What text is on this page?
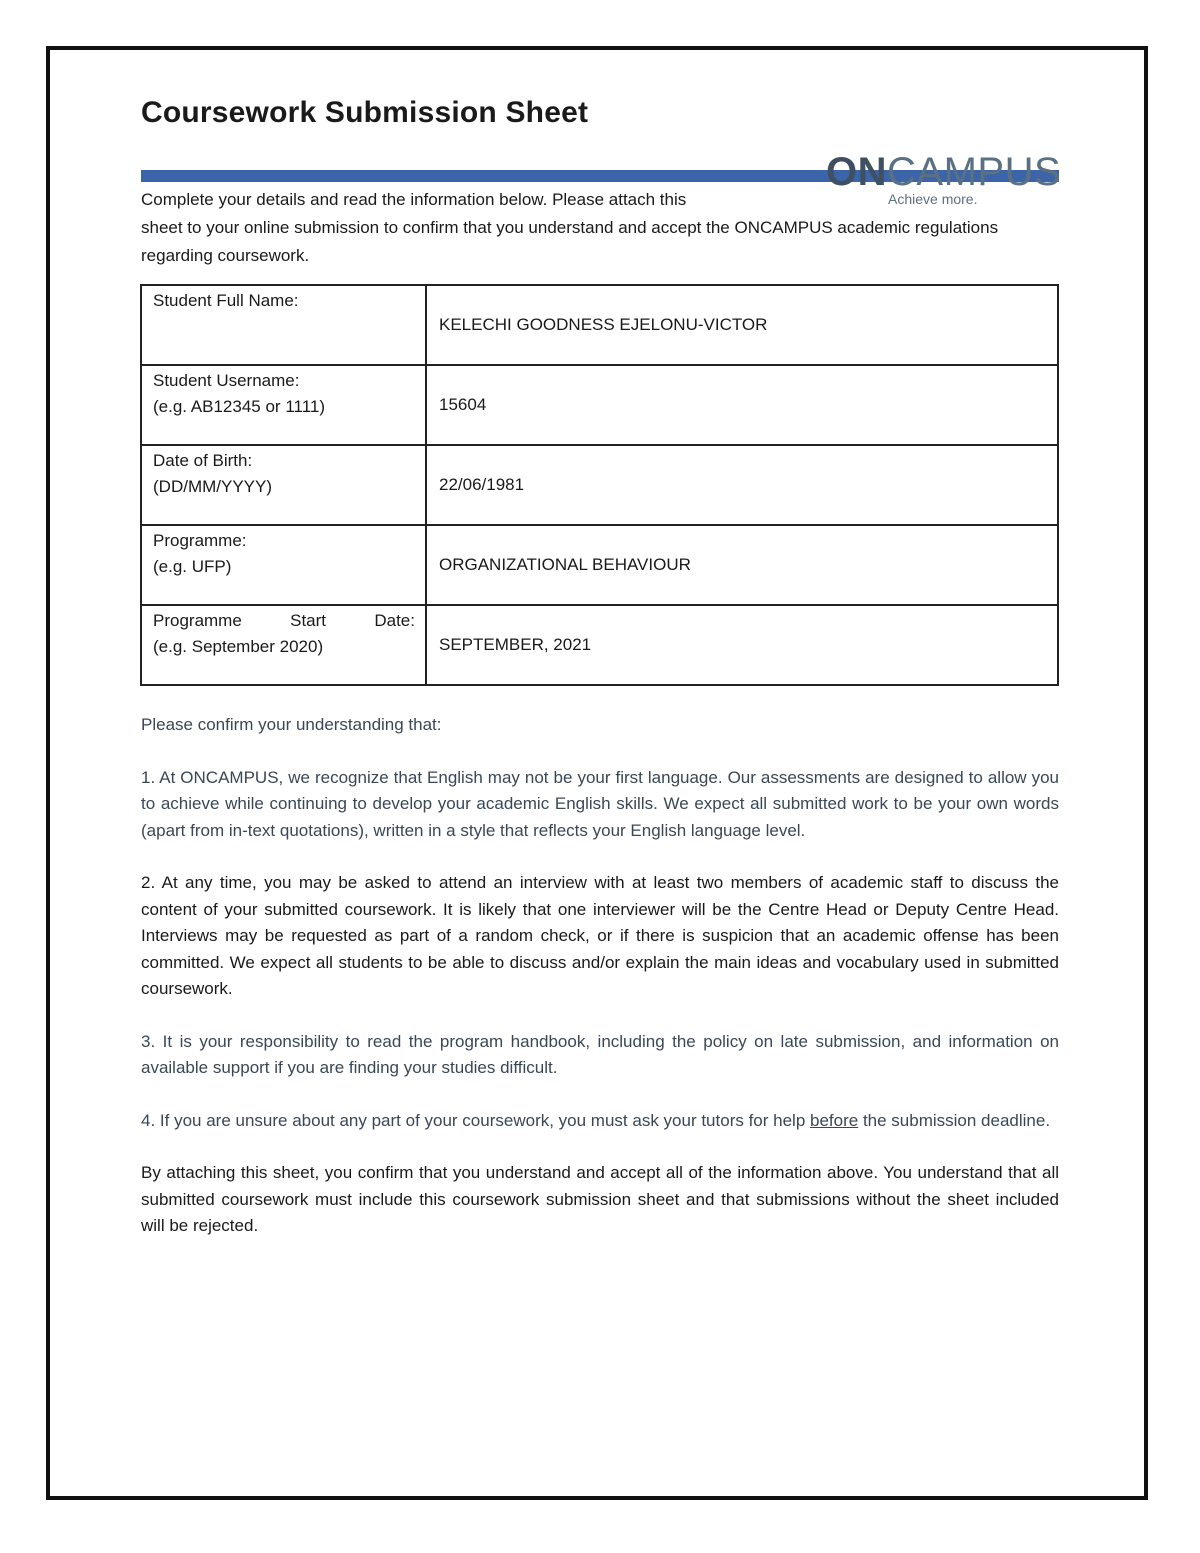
Coursework Submission Sheet
ONCAMPUS
Achieve more.
Complete your details and read the information below. Please attach this
sheet to your online submission to confirm that you understand and accept the ONCAMPUS academic regulations regarding coursework.
Student Full Name:	KELECHI GOODNESS EJELONU-VICTOR

Student Username:
(e.g. AB12345 or 1111)	15604

Date of Birth:
(DD/MM/YYYY)	22/06/1981

Programme:
(e.g. UFP)	ORGANIZATIONAL BEHAVIOUR

Programme Start Date:
(e.g. September 2020)	SEPTEMBER, 2021

Please confirm your understanding that:

1. At ONCAMPUS, we recognize that English may not be your first language. Our assessments are designed to allow you to achieve while continuing to develop your academic English skills. We expect all submitted work to be your own words (apart from in-text quotations), written in a style that reflects your English language level.

2. At any time, you may be asked to attend an interview with at least two members of academic staff to discuss the content of your submitted coursework. It is likely that one interviewer will be the Centre Head or Deputy Centre Head. Interviews may be requested as part of a random check, or if there is suspicion that an academic offense has been committed. We expect all students to be able to discuss and/or explain the main ideas and vocabulary used in submitted coursework.

3. It is your responsibility to read the program handbook, including the policy on late submission, and information on available support if you are finding your studies difficult.

4. If you are unsure about any part of your coursework, you must ask your tutors for help before the submission deadline.

By attaching this sheet, you confirm that you understand and accept all of the information above. You understand that all submitted coursework must include this coursework submission sheet and that submissions without the sheet included will be rejected.
